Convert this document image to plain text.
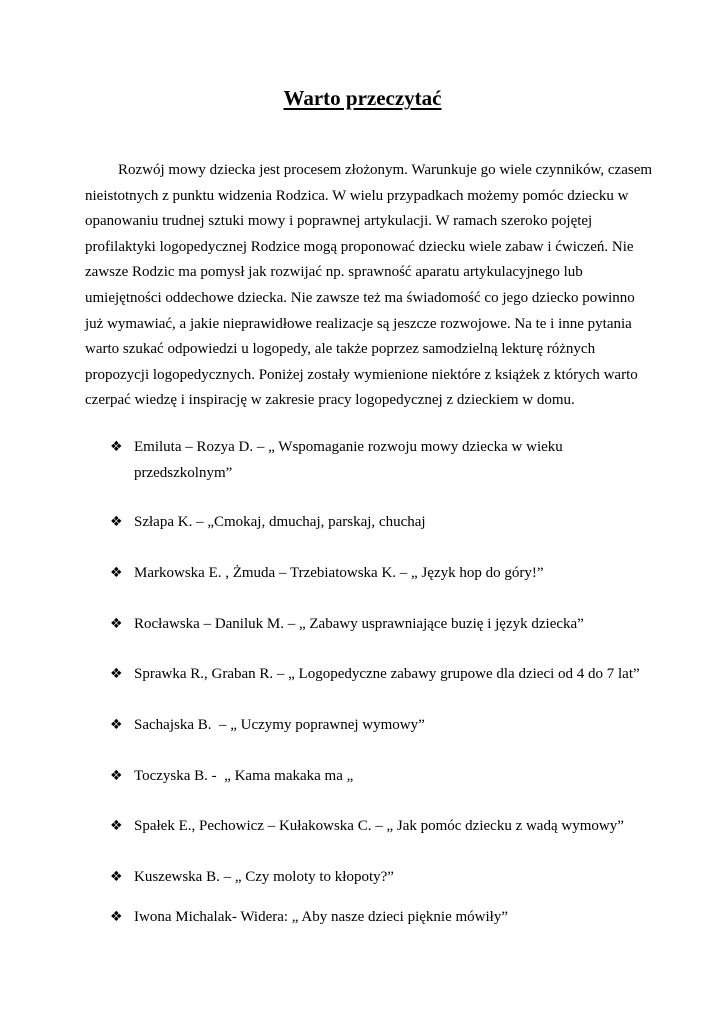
Warto przeczytać

Rozwój mowy dziecka jest procesem złożonym. Warunkuje go wiele czynników, czasem
nieistotnych z punktu widzenia Rodzica. W wielu przypadkach możemy pomóc dziecku w
opanowaniu trudnej sztuki mowy i poprawnej artykulacji. W ramach szeroko pojętej
profilaktyki logopedycznej Rodzice mogą proponować dziecku wiele zabaw i ćwiczeń. Nie
zawsze Rodzic ma pomysł jak rozwijać np. sprawność aparatu artykulacyjnego lub
umiejętności oddechowe dziecka. Nie zawsze też ma świadomość co jego dziecko powinno
już wymawiać, a jakie nieprawidłowe realizacje są jeszcze rozwojowe. Na te i inne pytania
warto szukać odpowiedzi u logopedy, ale także poprzez samodzielną lekturę różnych
propozycji logopedycznych. Poniżej zostały wymienione niektóre z książek z których warto
czerpać wiedzę i inspirację w zakresie pracy logopedycznej z dzieckiem w domu.

❖ Emiluta – Rozya D. – „ Wspomaganie rozwoju mowy dziecka w wieku przedszkolnym”
❖ Szłapa K. – „Cmokaj, dmuchaj, parskaj, chuchaj
❖ Markowska E. , Żmuda – Trzebiatowska K. – „ Język hop do góry!”
❖ Rocławska – Daniluk M. – „ Zabawy usprawniające buzię i język dziecka”
❖ Sprawka R., Graban R. – „ Logopedyczne zabawy grupowe dla dzieci od 4 do 7 lat”
❖ Sachajska B.  – „ Uczymy poprawnej wymowy”
❖ Toczyska B. -  „ Kama makaka ma „
❖ Spałek E., Pechowicz – Kułakowska C. – „ Jak pomóc dziecku z wadą wymowy”
❖ Kuszewska B. – „ Czy moloty to kłopoty?”
❖ Iwona Michalak- Widera: „ Aby nasze dzieci pięknie mówiły”
